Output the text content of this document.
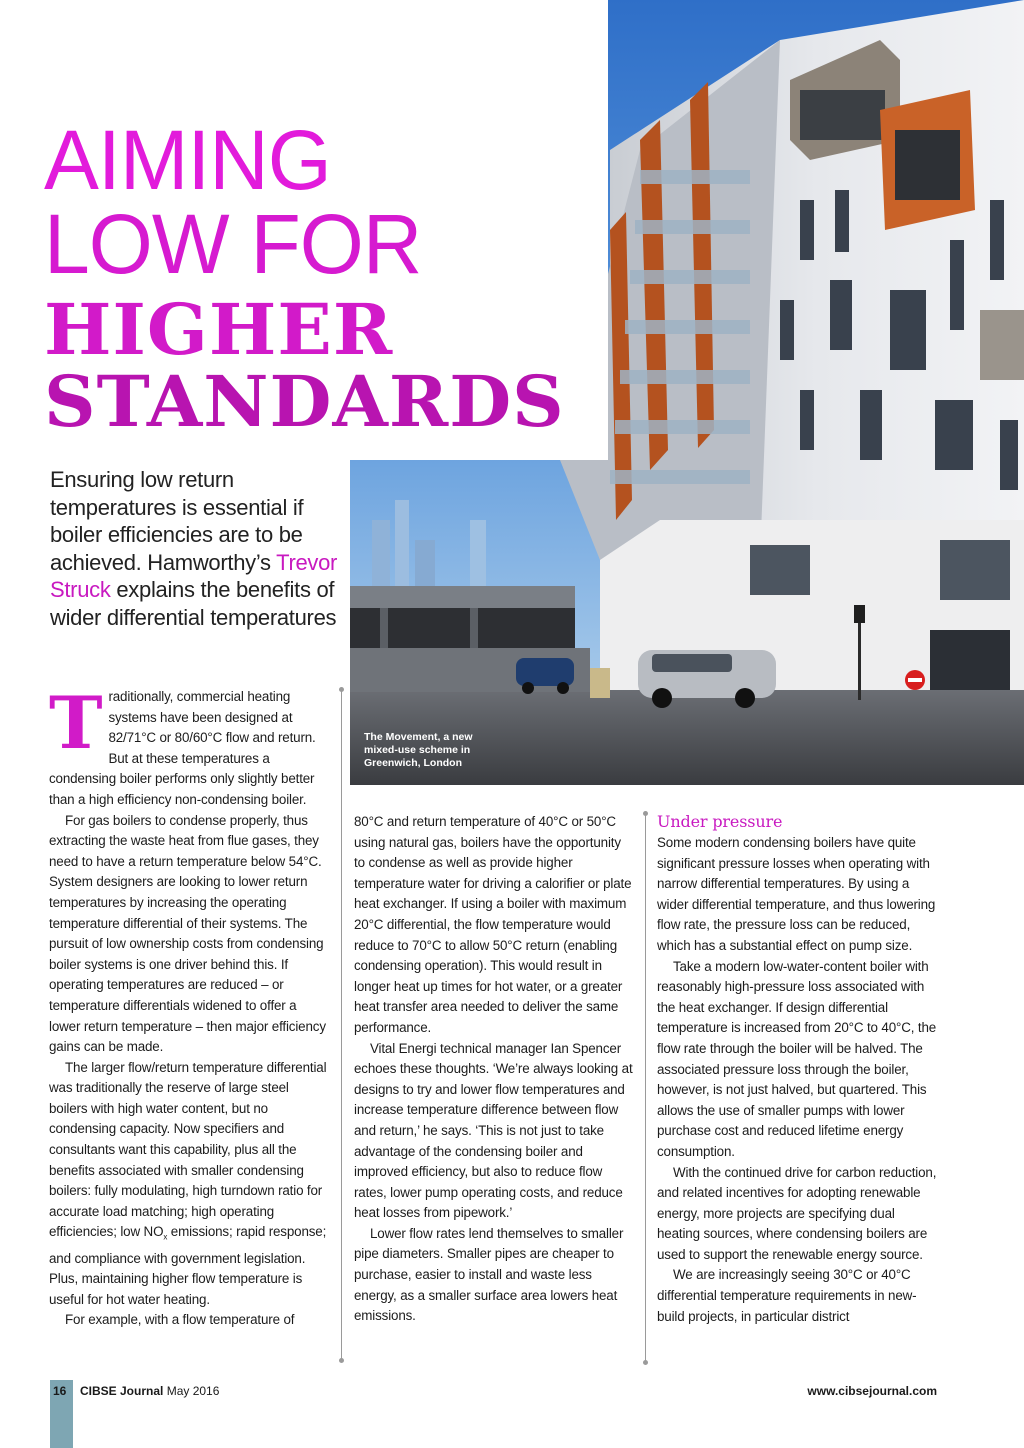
AIMING
LOW FOR
HIGHER
STANDARDS
Ensuring low return temperatures is essential if boiler efficiencies are to be achieved. Hamworthy’s Trevor Struck explains the benefits of wider differential temperatures
The Movement, a new mixed-use scheme in Greenwich, London

Traditionally, commercial heating systems have been designed at 82/71°C or 80/60°C flow and return. But at these temperatures a condensing boiler performs only slightly better than a high efficiency non-condensing boiler.

For gas boilers to condense properly, thus extracting the waste heat from flue gases, they need to have a return temperature below 54°C. System designers are looking to lower return temperatures by increasing the operating temperature differential of their systems. The pursuit of low ownership costs from condensing boiler systems is one driver behind this. If operating temperatures are reduced – or temperature differentials widened to offer a lower return temperature – then major efficiency gains can be made.

The larger flow/return temperature differential was traditionally the reserve of large steel boilers with high water content, but no condensing capacity. Now specifiers and consultants want this capability, plus all the benefits associated with smaller condensing boilers: fully modulating, high turndown ratio for accurate load matching; high operating efficiencies; low $NO_x$ emissions; rapid response; and compliance with government legislation. Plus, maintaining higher flow temperature is useful for hot water heating.

For example, with a flow temperature of

80°C and return temperature of 40°C or 50°C using natural gas, boilers have the opportunity to condense as well as provide higher temperature water for driving a calorifier or plate heat exchanger. If using a boiler with maximum 20°C differential, the flow temperature would reduce to 70°C to allow 50°C return (enabling condensing operation). This would result in longer heat up times for hot water, or a greater heat transfer area needed to deliver the same performance.

Vital Energi technical manager Ian Spencer echoes these thoughts. ‘We’re always looking at designs to try and lower flow temperatures and increase temperature difference between flow and return,’ he says. ‘This is not just to take advantage of the condensing boiler and improved efficiency, but also to reduce flow rates, lower pump operating costs, and reduce heat losses from pipework.’

Lower flow rates lend themselves to smaller pipe diameters. Smaller pipes are cheaper to purchase, easier to install and waste less energy, as a smaller surface area lowers heat emissions.

Under pressure

Some modern condensing boilers have quite significant pressure losses when operating with narrow differential temperatures. By using a wider differential temperature, and thus lowering flow rate, the pressure loss can be reduced, which has a substantial effect on pump size.

Take a modern low-water-content boiler with reasonably high-pressure loss associated with the heat exchanger. If design differential temperature is increased from 20°C to 40°C, the flow rate through the boiler will be halved. The associated pressure loss through the boiler, however, is not just halved, but quartered. This allows the use of smaller pumps with lower purchase cost and reduced lifetime energy consumption.

With the continued drive for carbon reduction, and related incentives for adopting renewable energy, more projects are specifying dual heating sources, where condensing boilers are used to support the renewable energy source.

We are increasingly seeing 30°C or 40°C differential temperature requirements in new-build projects, in particular district

16 CIBSE Journal May 2016	www.cibsejournal.com
